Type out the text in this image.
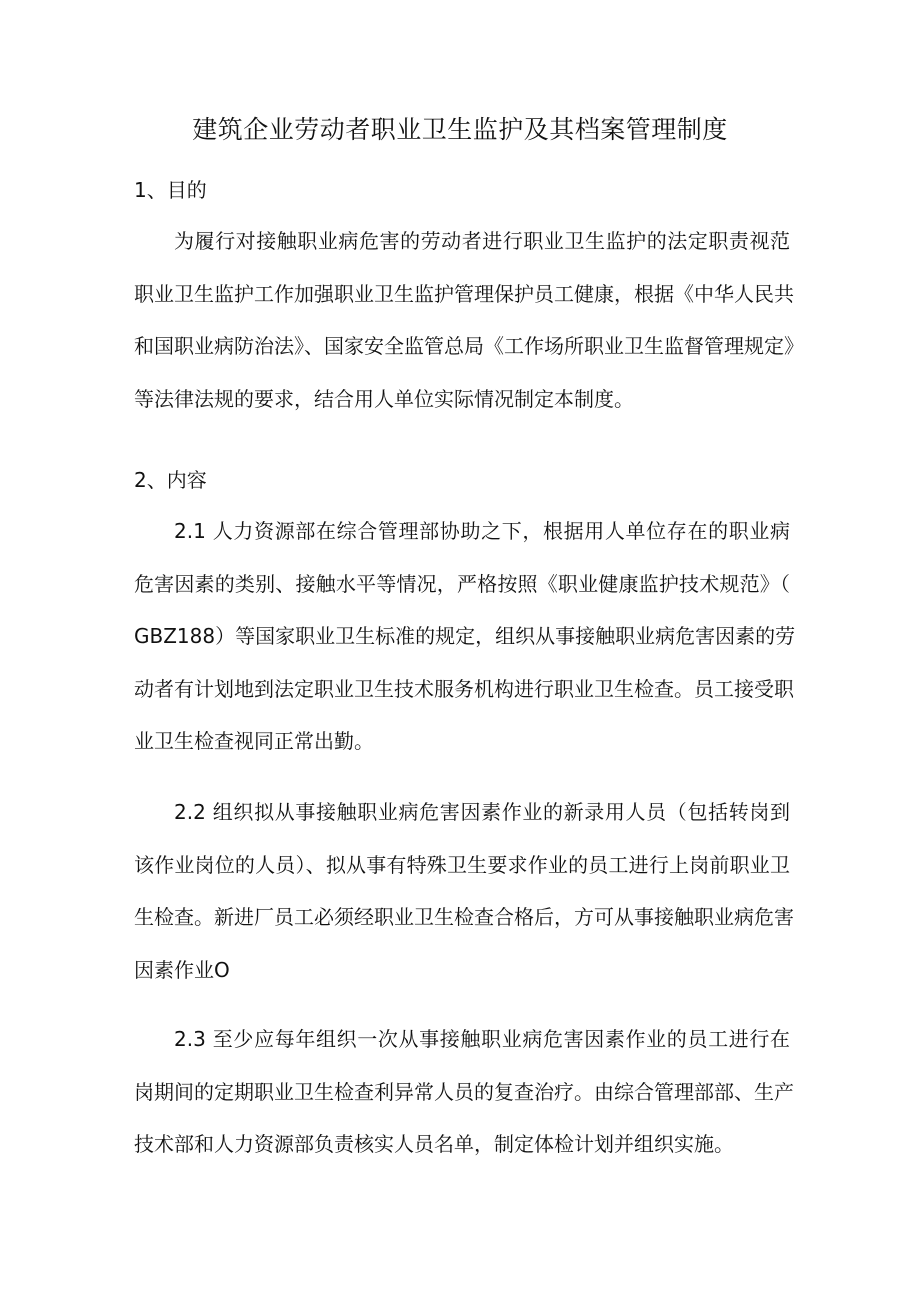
建筑企业劳动者职业卫生监护及其档案管理制度
1、目的
为履行对接触职业病危害的劳动者进行职业卫生监护的法定职责视范
职业卫生监护工作加强职业卫生监护管理保护员工健康，根据《中华人民共
和国职业病防治法》、国家安全监管总局《工作场所职业卫生监督管理规定》
等法律法规的要求，结合用人单位实际情况制定本制度。
2、内容
2.1 人力资源部在综合管理部协助之下，根据用人单位存在的职业病
危害因素的类别、接触水平等情况，严格按照《职业健康监护技术规范》（
GBZ188）等国家职业卫生标准的规定，组织从事接触职业病危害因素的劳
动者有计划地到法定职业卫生技术服务机构进行职业卫生检查。员工接受职
业卫生检查视同正常出勤。
2.2 组织拟从事接触职业病危害因素作业的新录用人员（包括转岗到
该作业岗位的人员）、拟从事有特殊卫生要求作业的员工进行上岗前职业卫
生检查。新进厂员工必须经职业卫生检查合格后，方可从事接触职业病危害
因素作业O
2.3 至少应每年组织一次从事接触职业病危害因素作业的员工进行在
岗期间的定期职业卫生检查利异常人员的复查治疗。由综合管理部部、生产
技术部和人力资源部负责核实人员名单，制定体检计划并组织实施。
